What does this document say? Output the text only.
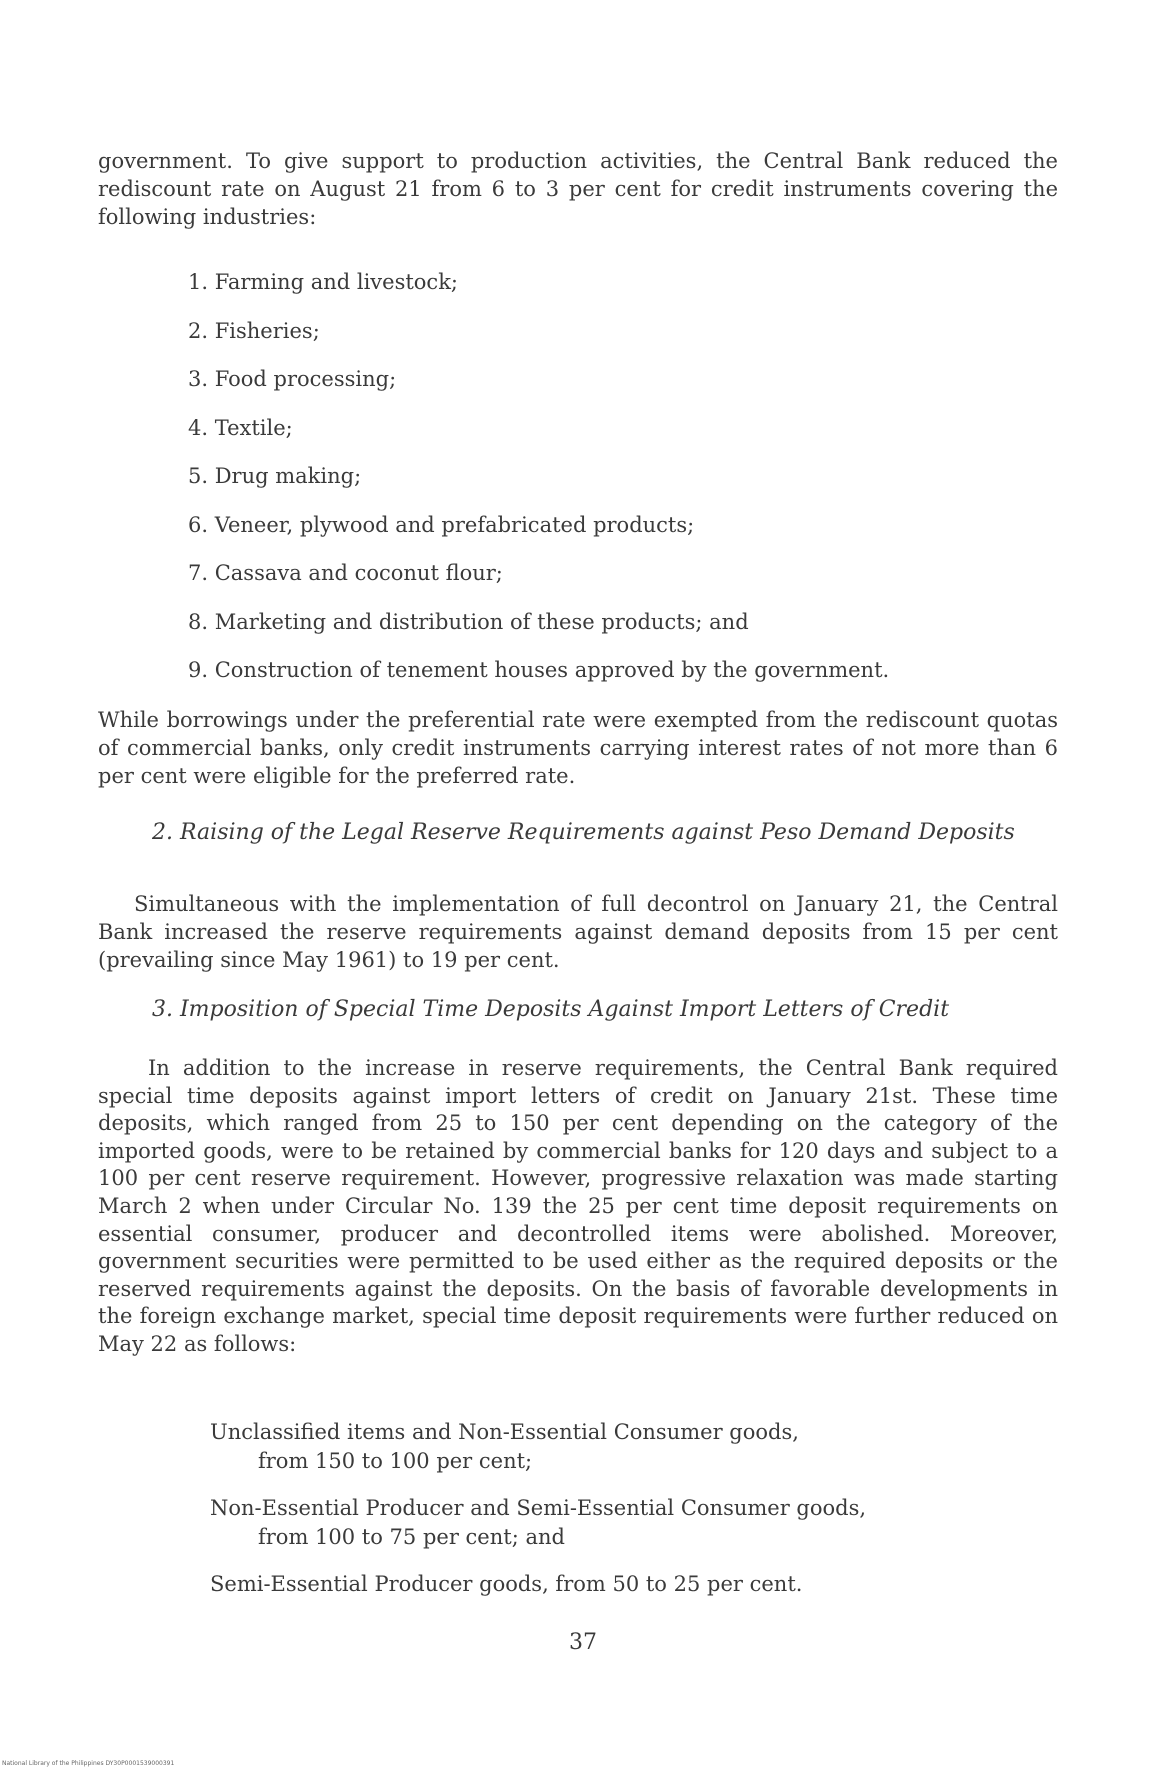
government. To give support to production activities, the Central Bank reduced the rediscount rate on August 21 from 6 to 3 per cent for credit instruments covering the following industries:

1. Farming and livestock;
2. Fisheries;
3. Food processing;
4. Textile;
5. Drug making;
6. Veneer, plywood and prefabricated products;
7. Cassava and coconut flour;
8. Marketing and distribution of these products; and
9. Construction of tenement houses approved by the government.

While borrowings under the preferential rate were exempted from the rediscount quotas of commercial banks, only credit instruments carrying interest rates of not more than 6 per cent were eligible for the preferred rate.

2. Raising of the Legal Reserve Requirements against Peso Demand Deposits

Simultaneous with the implementation of full decontrol on January 21, the Central Bank increased the reserve requirements against demand deposits from 15 per cent (prevailing since May 1961) to 19 per cent.

3. Imposition of Special Time Deposits Against Import Letters of Credit

In addition to the increase in reserve requirements, the Central Bank required special time deposits against import letters of credit on January 21st. These time deposits, which ranged from 25 to 150 per cent depending on the category of the imported goods, were to be retained by commercial banks for 120 days and subject to a 100 per cent reserve requirement. However, progressive relaxation was made starting March 2 when under Circular No. 139 the 25 per cent time deposit requirements on essential consumer, producer and decontrolled items were abolished. Moreover, government securities were permitted to be used either as the required deposits or the reserved requirements against the deposits. On the basis of favorable developments in the foreign exchange market, special time deposit requirements were further reduced on May 22 as follows:

Unclassified items and Non-Essential Consumer goods,
from 150 to 100 per cent;
Non-Essential Producer and Semi-Essential Consumer goods,
from 100 to 75 per cent; and
Semi-Essential Producer goods, from 50 to 25 per cent.
37
National Library of the Philippines DY30P0001539000391
